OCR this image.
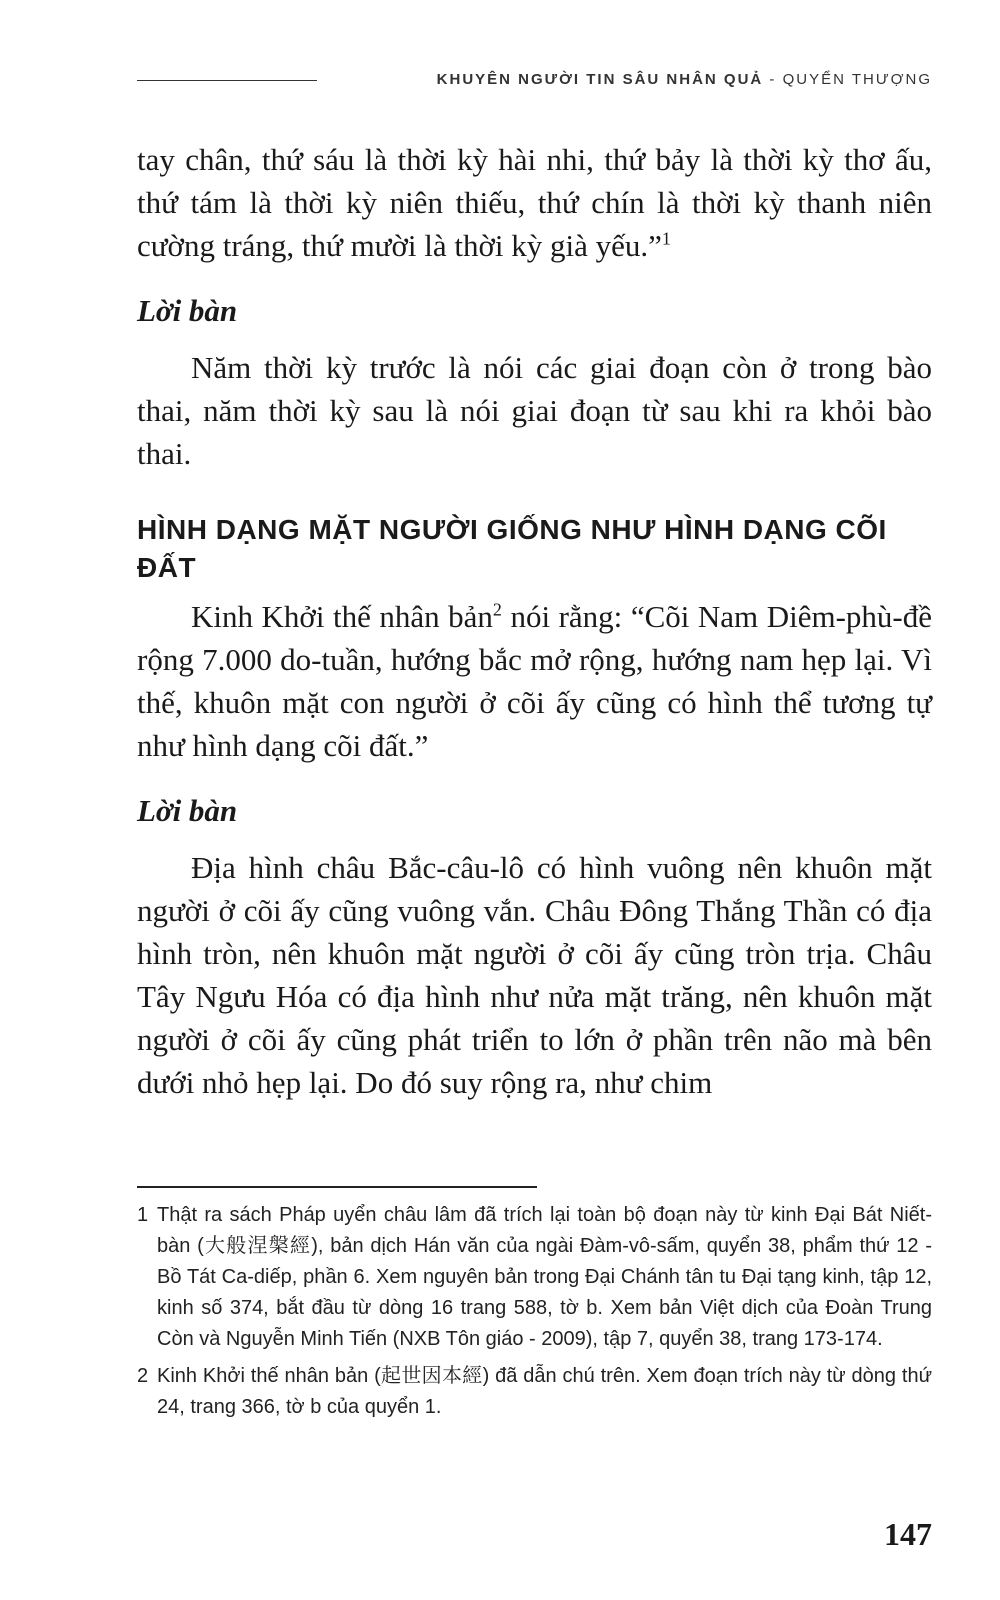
KHUYÊN NGƯỜI TIN SÂU NHÂN QUẢ - QUYỂN THƯỢNG

tay chân, thứ sáu là thời kỳ hài nhi, thứ bảy là thời kỳ thơ ấu, thứ tám là thời kỳ niên thiếu, thứ chín là thời kỳ thanh niên cường tráng, thứ mười là thời kỳ già yếu.”$^1$

Lời bàn

Năm thời kỳ trước là nói các giai đoạn còn ở trong bào thai, năm thời kỳ sau là nói giai đoạn từ sau khi ra khỏi bào thai.

HÌNH DẠNG MẶT NGƯỜI GIỐNG NHƯ HÌNH DẠNG CÕI ĐẤT

Kinh Khởi thế nhân bản$^2$ nói rằng: “Cõi Nam Diêm-phù-đề rộng 7.000 do-tuần, hướng bắc mở rộng, hướng nam hẹp lại. Vì thế, khuôn mặt con người ở cõi ấy cũng có hình thể tương tự như hình dạng cõi đất.”

Lời bàn

Địa hình châu Bắc-câu-lô có hình vuông nên khuôn mặt người ở cõi ấy cũng vuông vắn. Châu Đông Thắng Thần có địa hình tròn, nên khuôn mặt người ở cõi ấy cũng tròn trịa. Châu Tây Ngưu Hóa có địa hình như nửa mặt trăng, nên khuôn mặt người ở cõi ấy cũng phát triển to lớn ở phần trên não mà bên dưới nhỏ hẹp lại. Do đó suy rộng ra, như chim

1 Thật ra sách Pháp uyển châu lâm đã trích lại toàn bộ đoạn này từ kinh Đại Bát Niết-bàn (大般涅槃經), bản dịch Hán văn của ngài Đàm-vô-sấm, quyển 38, phẩm thứ 12 - Bồ Tát Ca-diếp, phần 6. Xem nguyên bản trong Đại Chánh tân tu Đại tạng kinh, tập 12, kinh số 374, bắt đầu từ dòng 16 trang 588, tờ b. Xem bản Việt dịch của Đoàn Trung Còn và Nguyễn Minh Tiến (NXB Tôn giáo - 2009), tập 7, quyển 38, trang 173-174.
2 Kinh Khởi thế nhân bản (起世因本經) đã dẫn chú trên. Xem đoạn trích này từ dòng thứ 24, trang 366, tờ b của quyển 1.
147
